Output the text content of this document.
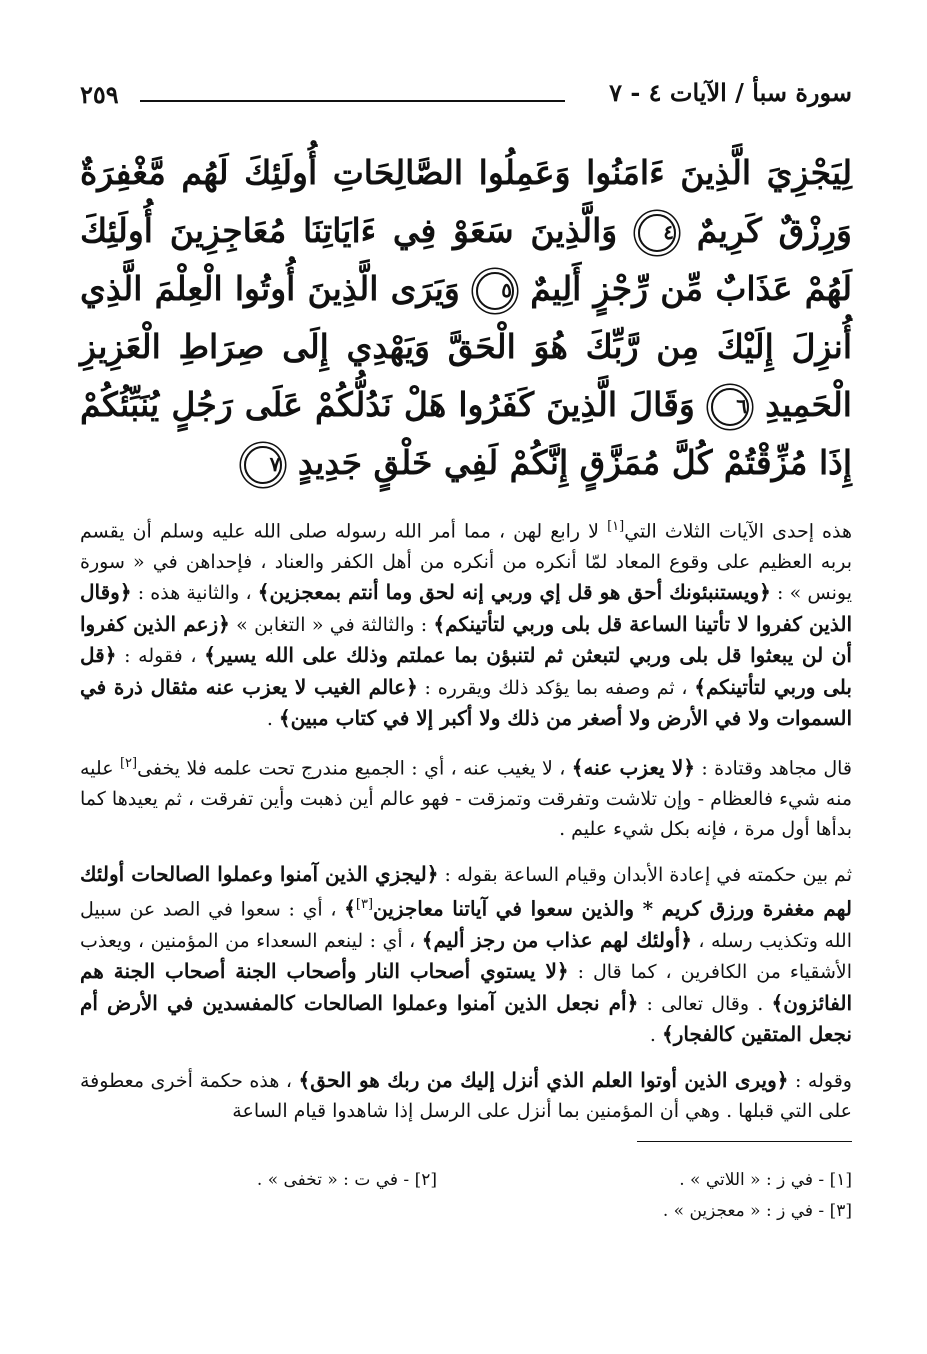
٢٥٩	سورة سبأ / الآيات ٤ - ٧
لِيَجْزِيَ الَّذِينَ ءَامَنُوا وَعَمِلُوا الصَّالِحَاتِ أُولَئِكَ لَهُم مَّغْفِرَةٌ وَرِزْقٌ كَرِيمٌ ٤ وَالَّذِينَ سَعَوْ فِي ءَايَاتِنَا مُعَاجِزِينَ أُولَئِكَ لَهُمْ عَذَابٌ مِّن رِّجْزٍ أَلِيمٌ ٥ وَيَرَى الَّذِينَ أُوتُوا الْعِلْمَ الَّذِي أُنزِلَ إِلَيْكَ مِن رَّبِّكَ هُوَ الْحَقَّ وَيَهْدِي إِلَى صِرَاطِ الْعَزِيزِ الْحَمِيدِ ٦ وَقَالَ الَّذِينَ كَفَرُوا هَلْ نَدُلُّكُمْ عَلَى رَجُلٍ يُنَبِّئُكُمْ إِذَا مُزِّقْتُمْ كُلَّ مُمَزَّقٍ إِنَّكُمْ لَفِي خَلْقٍ جَدِيدٍ ٧

هذه إحدى الآيات الثلاث التي[١] لا رابع لهن ، مما أمر الله رسوله صلى الله عليه وسلم أن يقسم بربه العظيم على وقوع المعاد لمّا أنكره من أنكره من أهل الكفر والعناد ، فإحداهن في « سورة يونس » : ﴿ويستنبئونك أحق هو قل إي وربي إنه لحق وما أنتم بمعجزين﴾ ، والثانية هذه : ﴿وقال الذين كفروا لا تأتينا الساعة قل بلى وربي لتأتينكم﴾ : والثالثة في « التغابن » ﴿زعم الذين كفروا أن لن يبعثوا قل بلى وربي لتبعثن ثم لتنبؤن بما عملتم وذلك على الله يسير﴾ ، فقوله : ﴿قل بلى وربي لتأتينكم﴾ ، ثم وصفه بما يؤكد ذلك ويقرره : ﴿عالم الغيب لا يعزب عنه مثقال ذرة في السموات ولا في الأرض ولا أصغر من ذلك ولا أكبر إلا في كتاب مبين﴾ .

قال مجاهد وقتادة : ﴿لا يعزب عنه﴾ ، لا يغيب عنه ، أي : الجميع مندرج تحت علمه فلا يخفى[٢] عليه منه شيء فالعظام - وإن تلاشت وتفرقت وتمزقت - فهو عالم أين ذهبت وأين تفرقت ، ثم يعيدها كما بدأها أول مرة ، فإنه بكل شيء عليم .

ثم بين حكمته في إعادة الأبدان وقيام الساعة بقوله : ﴿ليجزي الذين آمنوا وعملوا الصالحات أولئك لهم مغفرة ورزق كريم * والذين سعوا في آياتنا معاجزين[٣]﴾ ، أي : سعوا في الصد عن سبيل الله وتكذيب رسله ، ﴿أولئك لهم عذاب من رجز أليم﴾ ، أي : لينعم السعداء من المؤمنين ، ويعذب الأشقياء من الكافرين ، كما قال : ﴿لا يستوي أصحاب النار وأصحاب الجنة أصحاب الجنة هم الفائزون﴾ . وقال تعالى : ﴿أم نجعل الذين آمنوا وعملوا الصالحات كالمفسدين في الأرض أم نجعل المتقين كالفجار﴾ .

وقوله : ﴿ويرى الذين أوتوا العلم الذي أنزل إليك من ربك هو الحق﴾ ، هذه حكمة أخرى معطوفة على التي قبلها . وهي أن المؤمنين بما أنزل على الرسل إذا شاهدوا قيام الساعة

[١] - في ز : « اللاتي » .
[٢] - في ت : « تخفى » .
[٣] - في ز : « معجزين » .
